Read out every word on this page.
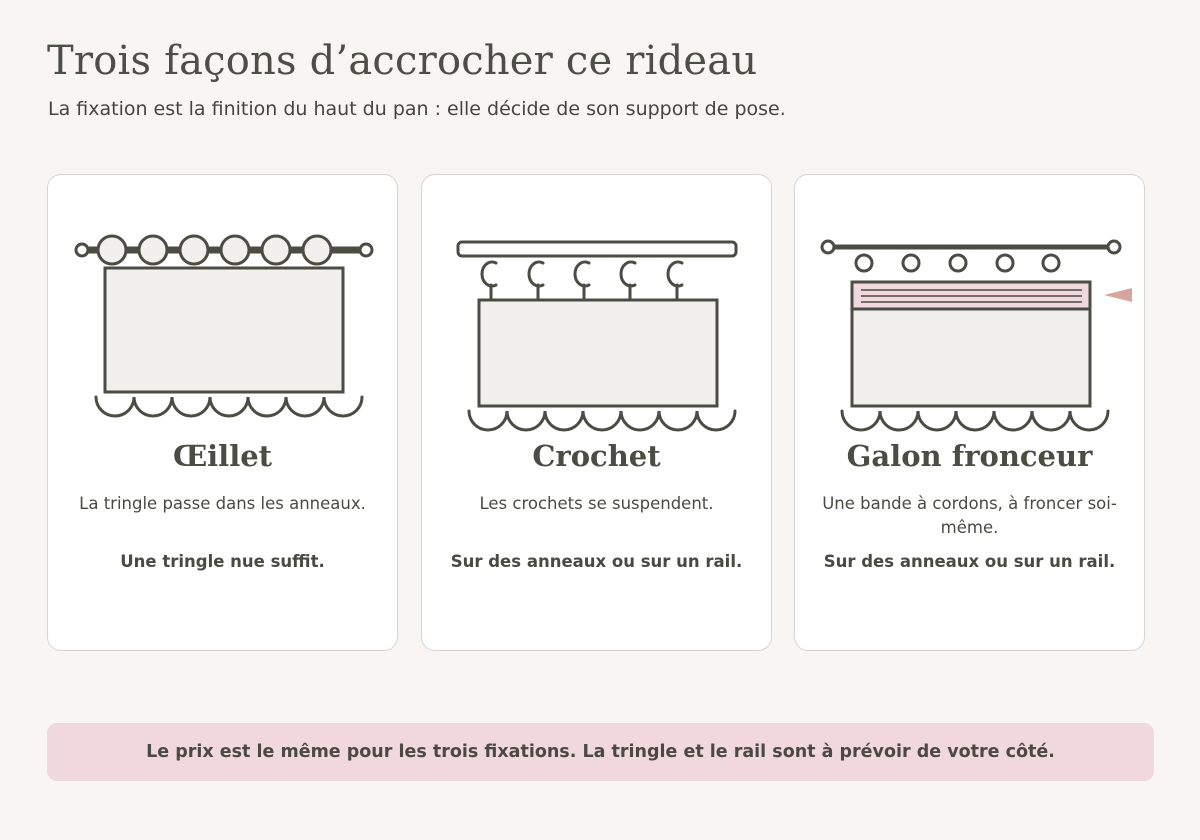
Trois façons d’accrocher ce rideau

La fixation est la finition du haut du pan : elle décide de son support de pose.

Œillet
La tringle passe dans les anneaux.
Une tringle nue suffit.
Crochet
Les crochets se suspendent.
Sur des anneaux ou sur un rail.
Galon fronceur
Une bande à cordons, à froncer soi-même.
Sur des anneaux ou sur un rail.
Le prix est le même pour les trois fixations. La tringle et le rail sont à prévoir de votre côté.
